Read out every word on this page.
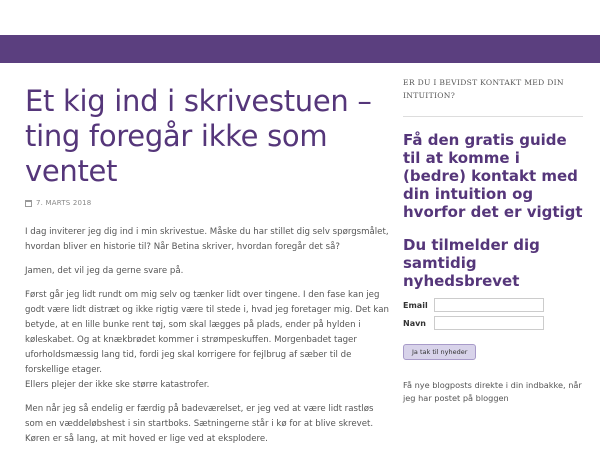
Et kig ind i skrivestuen – ting foregår ikke som ventet
7. MARTS 2018

I dag inviterer jeg dig ind i min skrivestue. Måske du har stillet dig selv spørgsmålet, hvordan bliver en historie til? Når Betina skriver, hvordan foregår det så?

Jamen, det vil jeg da gerne svare på.

Først går jeg lidt rundt om mig selv og tænker lidt over tingene. I den fase kan jeg godt være lidt distræt og ikke rigtig være til stede i, hvad jeg foretager mig. Det kan betyde, at en lille bunke rent tøj, som skal lægges på plads, ender på hylden i køleskabet. Og at knækbrødet kommer i strømpeskuffen. Morgenbadet tager uforholdsmæssig lang tid, fordi jeg skal korrigere for fejlbrug af sæber til de forskellige etager.

Ellers plejer der ikke ske større katastrofer.

Men når jeg så endelig er færdig på badeværelset, er jeg ved at være lidt rastløs som en væddeløbshest i sin startboks. Sætningerne står i kø for at blive skrevet. Køren er så lang, at mit hoved er lige ved at eksplodere.

ER DU I BEVIDST KONTAKT MED DIN INTUITION?
Få den gratis guide til at komme i (bedre) kontakt med din intuition og hvorfor det er vigtigt
Du tilmelder dig samtidig nyhedsbrevet
Email
Navn
Ja tak til nyheder
Få nye blogposts direkte i din indbakke, når jeg har postet på bloggen
